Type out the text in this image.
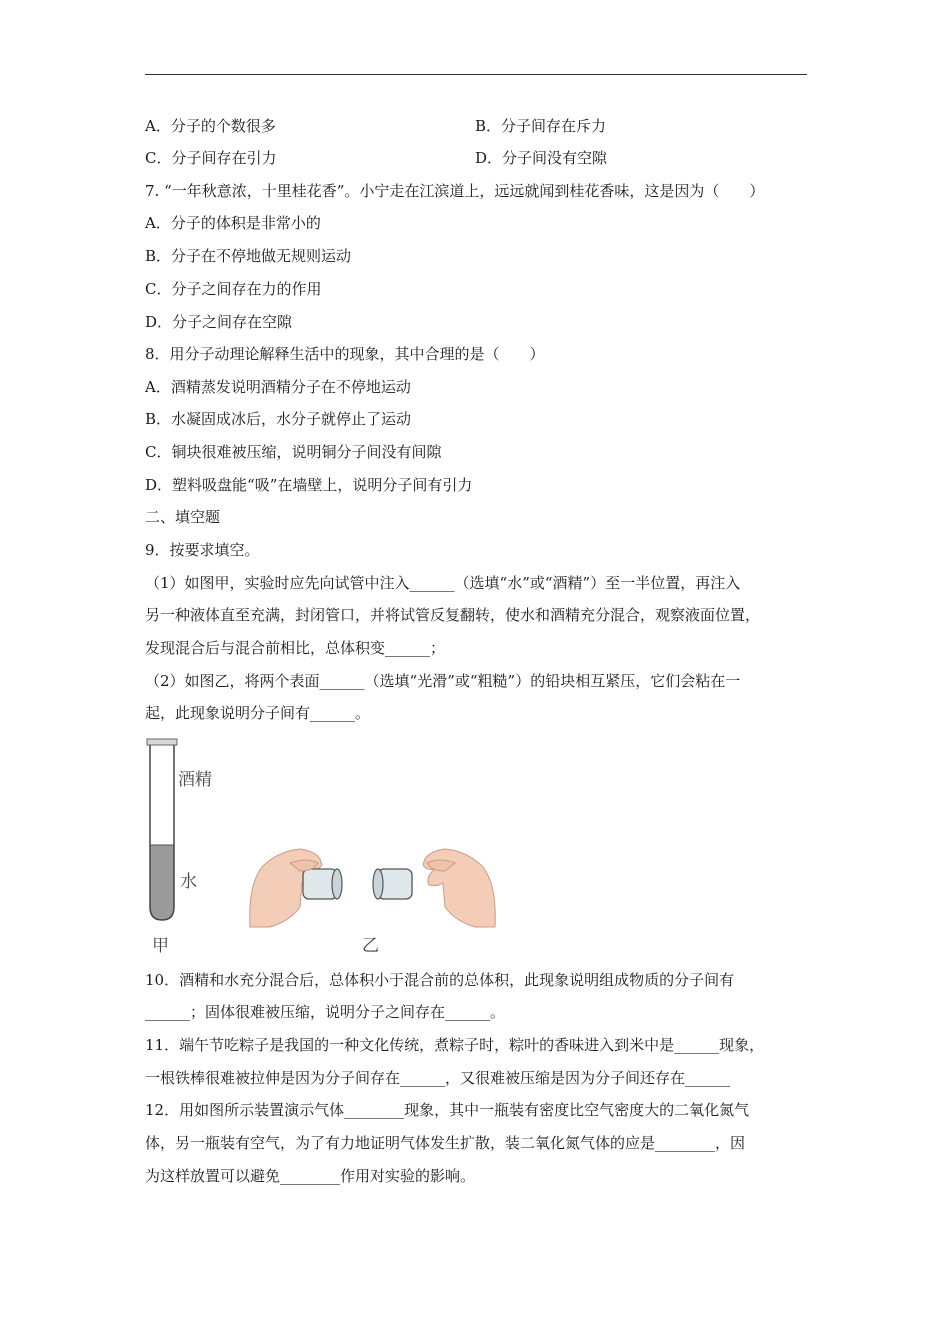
A．分子的个数很多	B．分子间存在斥力
C．分子间存在引力	D．分子间没有空隙
7. “一年秋意浓，十里桂花香”。小宁走在江滨道上，远远就闻到桂花香味，这是因为（　　）
A．分子的体积是非常小的
B．分子在不停地做无规则运动
C．分子之间存在力的作用
D．分子之间存在空隙
8．用分子动理论解释生活中的现象，其中合理的是（　　）
A．酒精蒸发说明酒精分子在不停地运动
B．水凝固成冰后，水分子就停止了运动
C．铜块很难被压缩，说明铜分子间没有间隙
D．塑料吸盘能“吸”在墙壁上，说明分子间有引力
二、填空题
9．按要求填空。
（1）如图甲，实验时应先向试管中注入______（选填“水”或“酒精”）至一半位置，再注入
另一种液体直至充满，封闭管口，并将试管反复翻转，使水和酒精充分混合，观察液面位置，
发现混合后与混合前相比，总体积变______；
（2）如图乙，将两个表面______（选填“光滑”或“粗糙”）的铅块相互紧压，它们会粘在一
起，此现象说明分子间有______。
酒精
水
甲	乙
10．酒精和水充分混合后，总体积小于混合前的总体积，此现象说明组成物质的分子间有
______；固体很难被压缩，说明分子之间存在______。
11．端午节吃粽子是我国的一种文化传统，煮粽子时，粽叶的香味进入到米中是______现象，
一根铁棒很难被拉伸是因为分子间存在______，又很难被压缩是因为分子间还存在______
12．用如图所示装置演示气体________现象，其中一瓶装有密度比空气密度大的二氧化氮气
体，另一瓶装有空气，为了有力地证明气体发生扩散，装二氧化氮气体的应是________，因
为这样放置可以避免________作用对实验的影响。
